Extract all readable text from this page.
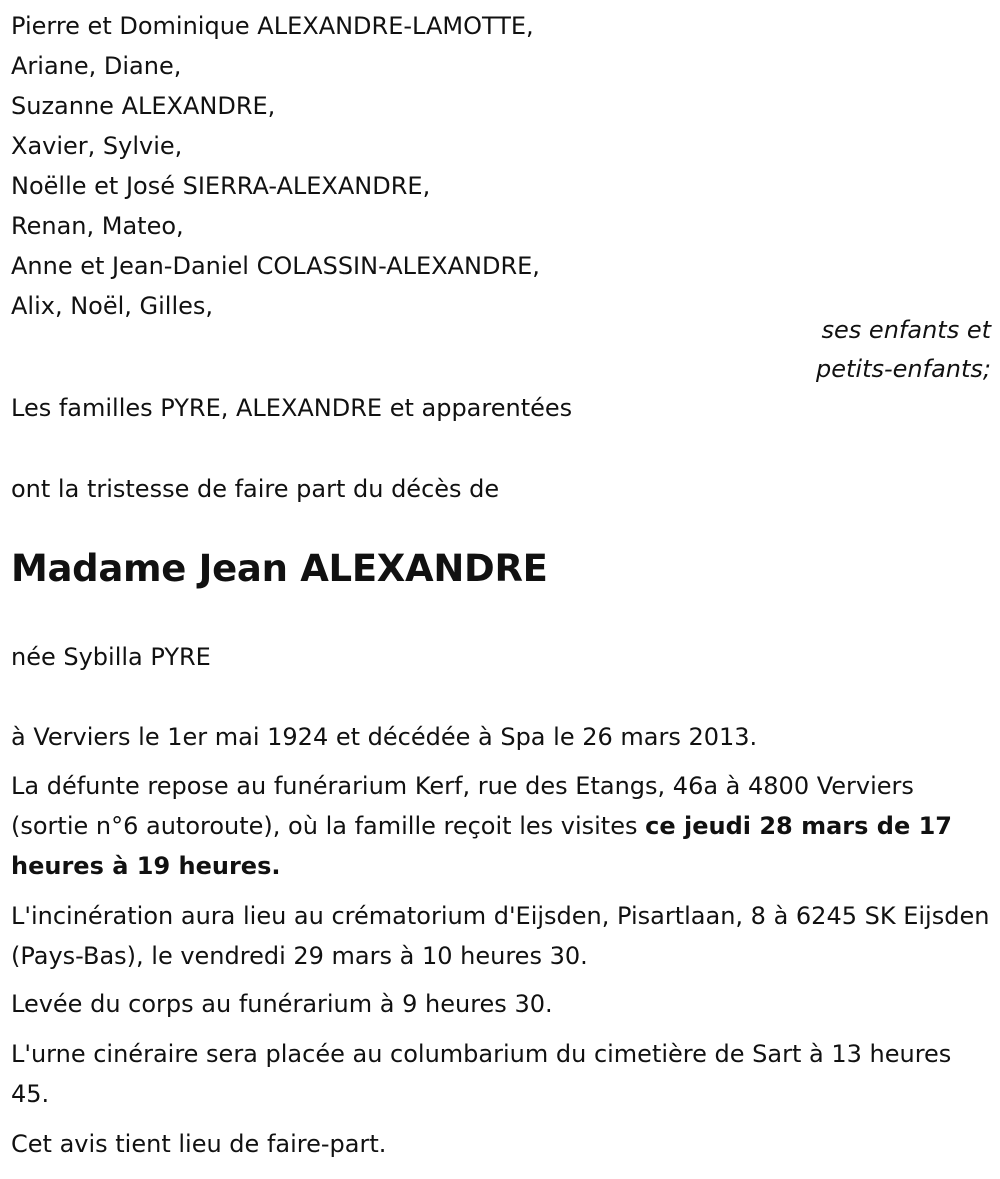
Pierre et Dominique ALEXANDRE-LAMOTTE,
Ariane, Diane,
Suzanne ALEXANDRE,
Xavier, Sylvie,
Noëlle et José SIERRA-ALEXANDRE,
Renan, Mateo,
Anne et Jean-Daniel COLASSIN-ALEXANDRE,
Alix, Noël, Gilles,
ses enfants et
petits-enfants;
Les familles PYRE, ALEXANDRE et apparentées
ont la tristesse de faire part du décès de
Madame Jean ALEXANDRE
née Sybilla PYRE
à Verviers le 1er mai 1924 et décédée à Spa le 26 mars 2013.
La défunte repose au funérarium Kerf, rue des Etangs, 46a à 4800 Verviers (sortie n°6 autoroute), où la famille reçoit les visites ce jeudi 28 mars de 17 heures à 19 heures.
L'incinération aura lieu au crématorium d'Eijsden, Pisartlaan, 8 à 6245 SK Eijsden (Pays-Bas), le vendredi 29 mars à 10 heures 30.
Levée du corps au funérarium à 9 heures 30.
L'urne cinéraire sera placée au columbarium du cimetière de Sart à 13 heures 45.
Cet avis tient lieu de faire-part.
